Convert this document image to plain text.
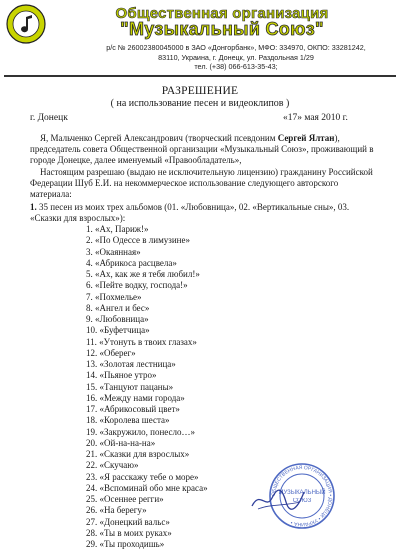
Общественная организация
"Музыкальный Союз"
р/с № 26002380045000 в ЗАО «Донгорбанк», МФО: 334970, ОКПО: 33281242,
83110, Украина, г. Донецк, ул. Раздольная 1/29
тел. (+38) 066-613-35-43;
РАЗРЕШЕНИЕ
( на использование песен и видеоклипов )
г. Донецк	«17» мая 2010 г.
Я, Мальченко Сергей Александрович (творческий псевдоним Сергей Ялтан), председатель совета Общественной организации «Музыкальный Союз», проживающий в городе Донецке, далее именуемый «Правообладатель»,
Настоящим разрешаю (выдаю не исключительную лицензию) гражданину Российской Федерации Шуб Е.И. на некоммерческое использование следующего авторского материала:
1. 35 песен из моих трех альбомов (01. «Любовница», 02. «Вертикальные сны», 03. «Сказки для взрослых»):
1. «Ах, Париж!»
2. «По Одессе в лимузине»
3. «Окаянная»
4. «Абрикоса расцвела»
5. «Ах, как же я тебя любил!»
6. «Пейте водку, господа!»
7. «Похмелье»
8. «Ангел и бес»
9. «Любовница»
10. «Буфетчица»
11. «Утонуть в твоих глазах»
12. «Оберег»
13. «Золотая лестница»
14. «Пьяное утро»
15. «Танцуют пацаны»
16. «Между нами города»
17. «Абрикосовый цвет»
18. «Королева шеста»
19. «Закружило, понесло…»
20. «Ой-на-на-на»
21. «Сказки для взрослых»
22. «Скучаю»
23. «Я расскажу тебе о море»
24. «Вспоминай обо мне краса»
25. «Осеннее регги»
26. «На берегу»
27. «Донецкий вальс»
28. «Ты в моих руках»
29. «Ты проходишь»
ОБЩЕСТВЕННАЯ ОРГАНИЗАЦИЯ • ДОНЕЦК • УКРАИНА •
МУЗЫКАЛЬНЫЙ
СОЮЗ
